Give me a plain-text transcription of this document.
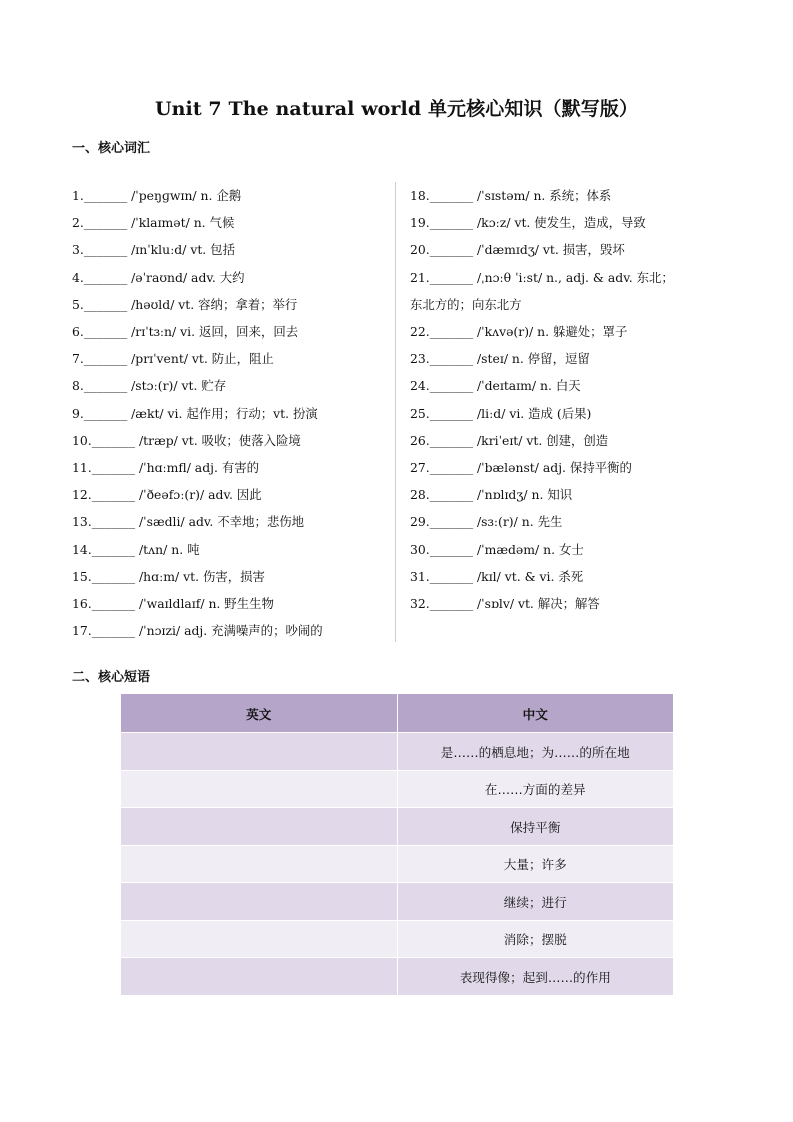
Unit 7 The natural world 单元核心知识（默写版）
一、核心词汇
1._______ /ˈpeŋɡwɪn/ n. 企鹅
2._______ /ˈklaɪmət/ n. 气候
3._______ /ɪnˈkluːd/ vt. 包括
4._______ /əˈraʊnd/ adv. 大约
5._______ /həʊld/ vt. 容纳；拿着；举行
6._______ /rɪˈtɜːn/ vi. 返回，回来，回去
7._______ /prɪˈvent/ vt. 防止，阻止
8._______ /stɔː(r)/ vt. 贮存
9._______ /ækt/ vi. 起作用；行动；vt. 扮演
10._______ /træp/ vt. 吸收；使落入险境
11._______ /ˈhɑːmfl/ adj. 有害的
12._______ /ˈðeəfɔː(r)/ adv. 因此
13._______ /ˈsædli/ adv. 不幸地；悲伤地
14._______ /tʌn/ n. 吨
15._______ /hɑːm/ vt. 伤害，损害
16._______ /ˈwaɪldlaɪf/ n. 野生生物
17._______ /ˈnɔɪzi/ adj. 充满噪声的；吵闹的
18._______ /ˈsɪstəm/ n. 系统；体系
19._______ /kɔːz/ vt. 使发生，造成，导致
20._______ /ˈdæmɪdʒ/ vt. 损害，毁坏
21._______ /ˌnɔːθ ˈiːst/ n., adj. & adv. 东北；东北方的；向东北方
22._______ /ˈkʌvə(r)/ n. 躲避处；罩子
23._______ /steɪ/ n. 停留，逗留
24._______ /ˈdeɪtaɪm/ n. 白天
25._______ /liːd/ vi. 造成 (后果)
26._______ /kriˈeɪt/ vt. 创建，创造
27._______ /ˈbælənst/ adj. 保持平衡的
28._______ /ˈnɒlɪdʒ/ n. 知识
29._______ /sɜː(r)/ n. 先生
30._______ /ˈmædəm/ n. 女士
31._______ /kɪl/ vt. & vi. 杀死
32._______ /ˈsɒlv/ vt. 解决；解答
二、核心短语
英文	中文
	是……的栖息地；为……的所在地
	在……方面的差异
	保持平衡
	大量；许多
	继续；进行
	消除；摆脱
	表现得像；起到……的作用
